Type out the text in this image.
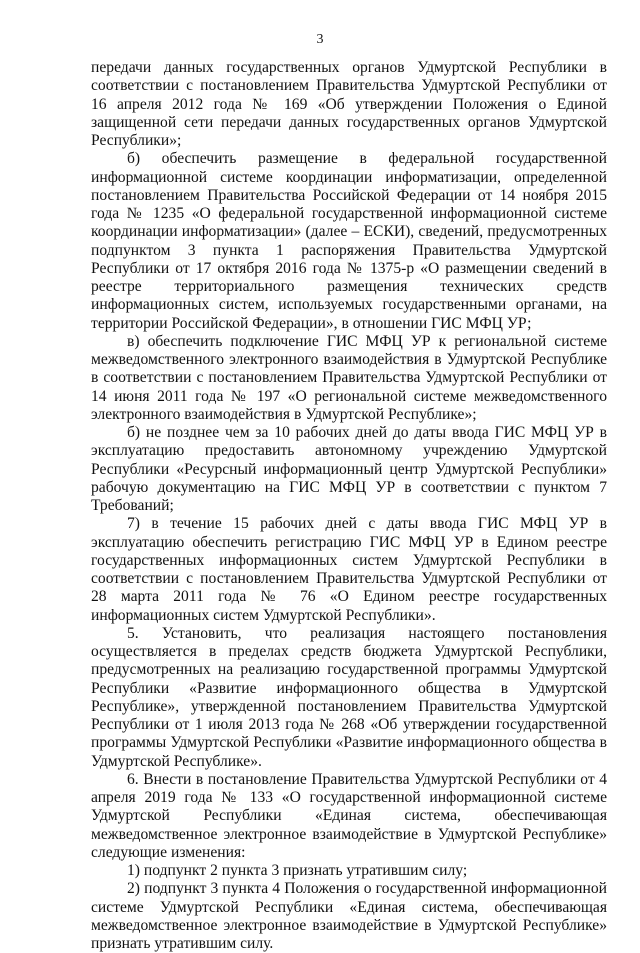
3

передачи данных государственных органов Удмуртской Республики в соответствии с постановлением Правительства Удмуртской Республики от 16 апреля 2012 года № 169 «Об утверждении Положения о Единой защищенной сети передачи данных государственных органов Удмуртской Республики»;

б) обеспечить размещение в федеральной государственной информационной системе координации информатизации, определенной постановлением Правительства Российской Федерации от 14 ноября 2015 года № 1235 «О федеральной государственной информационной системе координации информатизации» (далее – ЕСКИ), сведений, предусмотренных подпунктом 3 пункта 1 распоряжения Правительства Удмуртской Республики от 17 октября 2016 года № 1375-р «О размещении сведений в реестре территориального размещения технических средств информационных систем, используемых государственными органами, на территории Российской Федерации», в отношении ГИС МФЦ УР;

в) обеспечить подключение ГИС МФЦ УР к региональной системе межведомственного электронного взаимодействия в Удмуртской Республике в соответствии с постановлением Правительства Удмуртской Республики от 14 июня 2011 года № 197 «О региональной системе межведомственного электронного взаимодействия в Удмуртской Республике»;

б) не позднее чем за 10 рабочих дней до даты ввода ГИС МФЦ УР в эксплуатацию предоставить автономному учреждению Удмуртской Республики «Ресурсный информационный центр Удмуртской Республики» рабочую документацию на ГИС МФЦ УР в соответствии с пунктом 7 Требований;

7) в течение 15 рабочих дней с даты ввода ГИС МФЦ УР в эксплуатацию обеспечить регистрацию ГИС МФЦ УР в Едином реестре государственных информационных систем Удмуртской Республики в соответствии с постановлением Правительства Удмуртской Республики от 28 марта 2011 года № 76 «О Едином реестре государственных информационных систем Удмуртской Республики».

5. Установить, что реализация настоящего постановления осуществляется в пределах средств бюджета Удмуртской Республики, предусмотренных на реализацию государственной программы Удмуртской Республики «Развитие информационного общества в Удмуртской Республике», утвержденной постановлением Правительства Удмуртской Республики от 1 июля 2013 года № 268 «Об утверждении государственной программы Удмуртской Республики «Развитие информационного общества в Удмуртской Республике».

6. Внести в постановление Правительства Удмуртской Республики от 4 апреля 2019 года № 133 «О государственной информационной системе Удмуртской Республики «Единая система, обеспечивающая межведомственное электронное взаимодействие в Удмуртской Республике» следующие изменения:

1) подпункт 2 пункта 3 признать утратившим силу;

2) подпункт 3 пункта 4 Положения о государственной информационной системе Удмуртской Республики «Единая система, обеспечивающая межведомственное электронное взаимодействие в Удмуртской Республике» признать утратившим силу.
